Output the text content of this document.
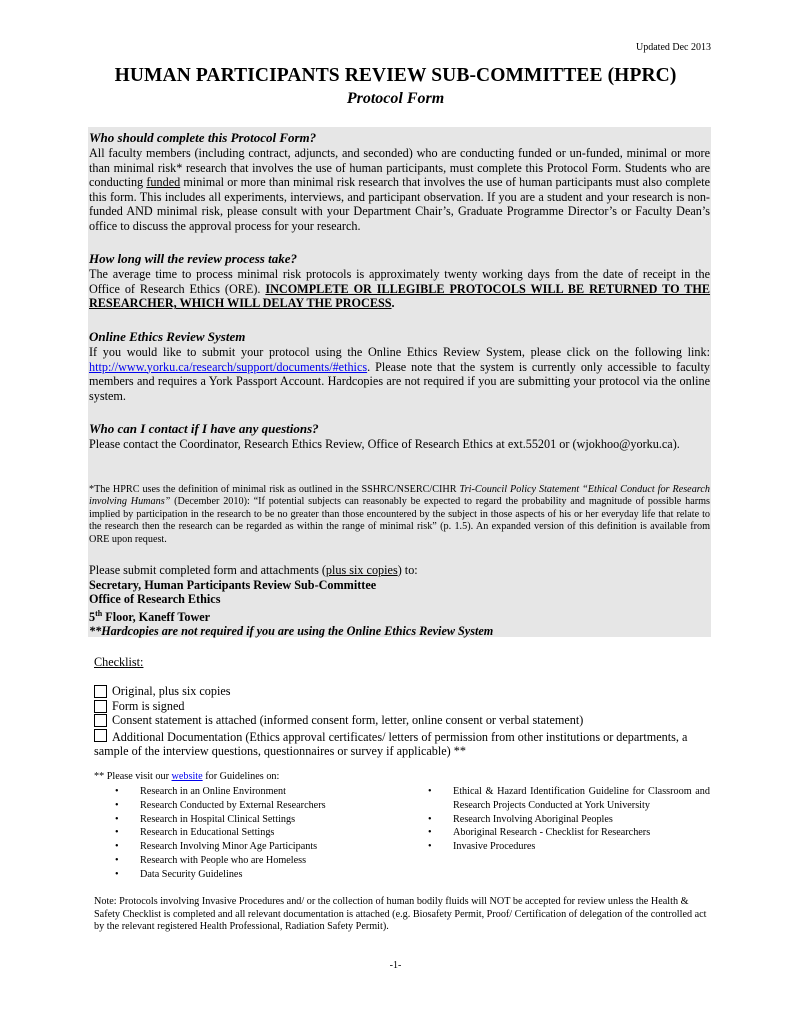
Updated Dec 2013
HUMAN PARTICIPANTS REVIEW SUB-COMMITTEE (HPRC)
Protocol Form
Who should complete this Protocol Form?
All faculty members (including contract, adjuncts, and seconded) who are conducting funded or un-funded, minimal or more than minimal risk* research that involves the use of human participants, must complete this Protocol Form. Students who are conducting funded minimal or more than minimal risk research that involves the use of human participants must also complete this form. This includes all experiments, interviews, and participant observation. If you are a student and your research is non-funded AND minimal risk, please consult with your Department Chair’s, Graduate Programme Director’s or Faculty Dean’s office to discuss the approval process for your research.
How long will the review process take?
The average time to process minimal risk protocols is approximately twenty working days from the date of receipt in the Office of Research Ethics (ORE). INCOMPLETE OR ILLEGIBLE PROTOCOLS WILL BE RETURNED TO THE RESEARCHER, WHICH WILL DELAY THE PROCESS.
Online Ethics Review System
If you would like to submit your protocol using the Online Ethics Review System, please click on the following link: http://www.yorku.ca/research/support/documents/#ethics. Please note that the system is currently only accessible to faculty members and requires a York Passport Account. Hardcopies are not required if you are submitting your protocol via the online system.
Who can I contact if I have any questions?
Please contact the Coordinator, Research Ethics Review, Office of Research Ethics at ext.55201 or (wjokhoo@yorku.ca).
*The HPRC uses the definition of minimal risk as outlined in the SSHRC/NSERC/CIHR Tri-Council Policy Statement “Ethical Conduct for Research involving Humans” (December 2010): “If potential subjects can reasonably be expected to regard the probability and magnitude of possible harms implied by participation in the research to be no greater than those encountered by the subject in those aspects of his or her everyday life that relate to the research then the research can be regarded as within the range of minimal risk” (p. 1.5). An expanded version of this definition is available from ORE upon request.
Please submit completed form and attachments (plus six copies) to:
Secretary, Human Participants Review Sub-Committee
Office of Research Ethics
5th Floor, Kaneff Tower
**Hardcopies are not required if you are using the Online Ethics Review System
Checklist:
Original, plus six copies
Form is signed
Consent statement is attached (informed consent form, letter, online consent or verbal statement)
Additional Documentation (Ethics approval certificates/ letters of permission from other institutions or departments, a sample of the interview questions, questionnaires or survey if applicable) **
** Please visit our website for Guidelines on:
• Research in an Online Environment
• Research Conducted by External Researchers
• Research in Hospital Clinical Settings
• Research in Educational Settings
• Research Involving Minor Age Participants
• Research with People who are Homeless
• Data Security Guidelines
• Ethical & Hazard Identification Guideline for Classroom and Research Projects Conducted at York University
• Research Involving Aboriginal Peoples
• Aboriginal Research - Checklist for Researchers
• Invasive Procedures
Note: Protocols involving Invasive Procedures and/ or the collection of human bodily fluids will NOT be accepted for review unless the Health & Safety Checklist is completed and all relevant documentation is attached (e.g. Biosafety Permit, Proof/ Certification of delegation of the controlled act by the relevant registered Health Professional, Radiation Safety Permit).
-1-
